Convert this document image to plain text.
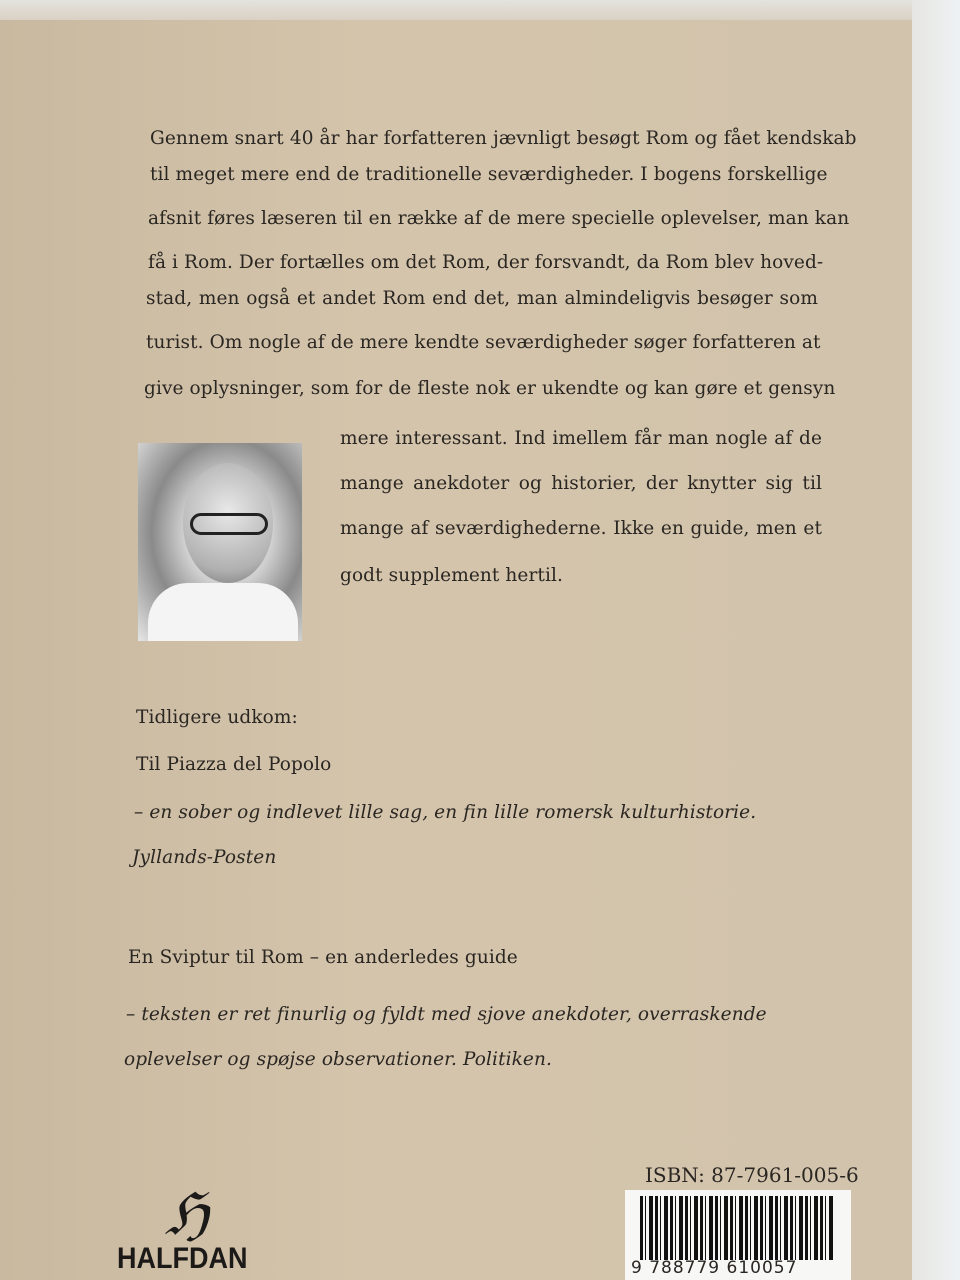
Gennem snart 40 år har forfatteren jævnligt besøgt Rom og fået kendskab
til meget mere end de traditionelle seværdigheder. I bogens forskellige
afsnit føres læseren til en række af de mere specielle oplevelser, man kan
få i Rom. Der fortælles om det Rom, der forsvandt, da Rom blev hoved-
stad, men også et andet Rom end det, man almindeligvis besøger som
turist. Om nogle af de mere kendte seværdigheder søger forfatteren at
give oplysninger, som for de fleste nok er ukendte og kan gøre et gensyn
mere interessant. Ind imellem får man nogle af de
mange anekdoter og historier, der knytter sig til
mange af seværdighederne. Ikke en guide, men et
godt supplement hertil.
Tidligere udkom:
Til Piazza del Popolo
– en sober og indlevet lille sag, en fin lille romersk kulturhistorie.
Jyllands-Posten
En Sviptur til Rom – en anderledes guide
– teksten er ret finurlig og fyldt med sjove anekdoter, overraskende
oplevelser og spøjse observationer. Politiken.
ℌ
HALFDAN
ISBN: 87-7961-005-6
9 788779 610057
